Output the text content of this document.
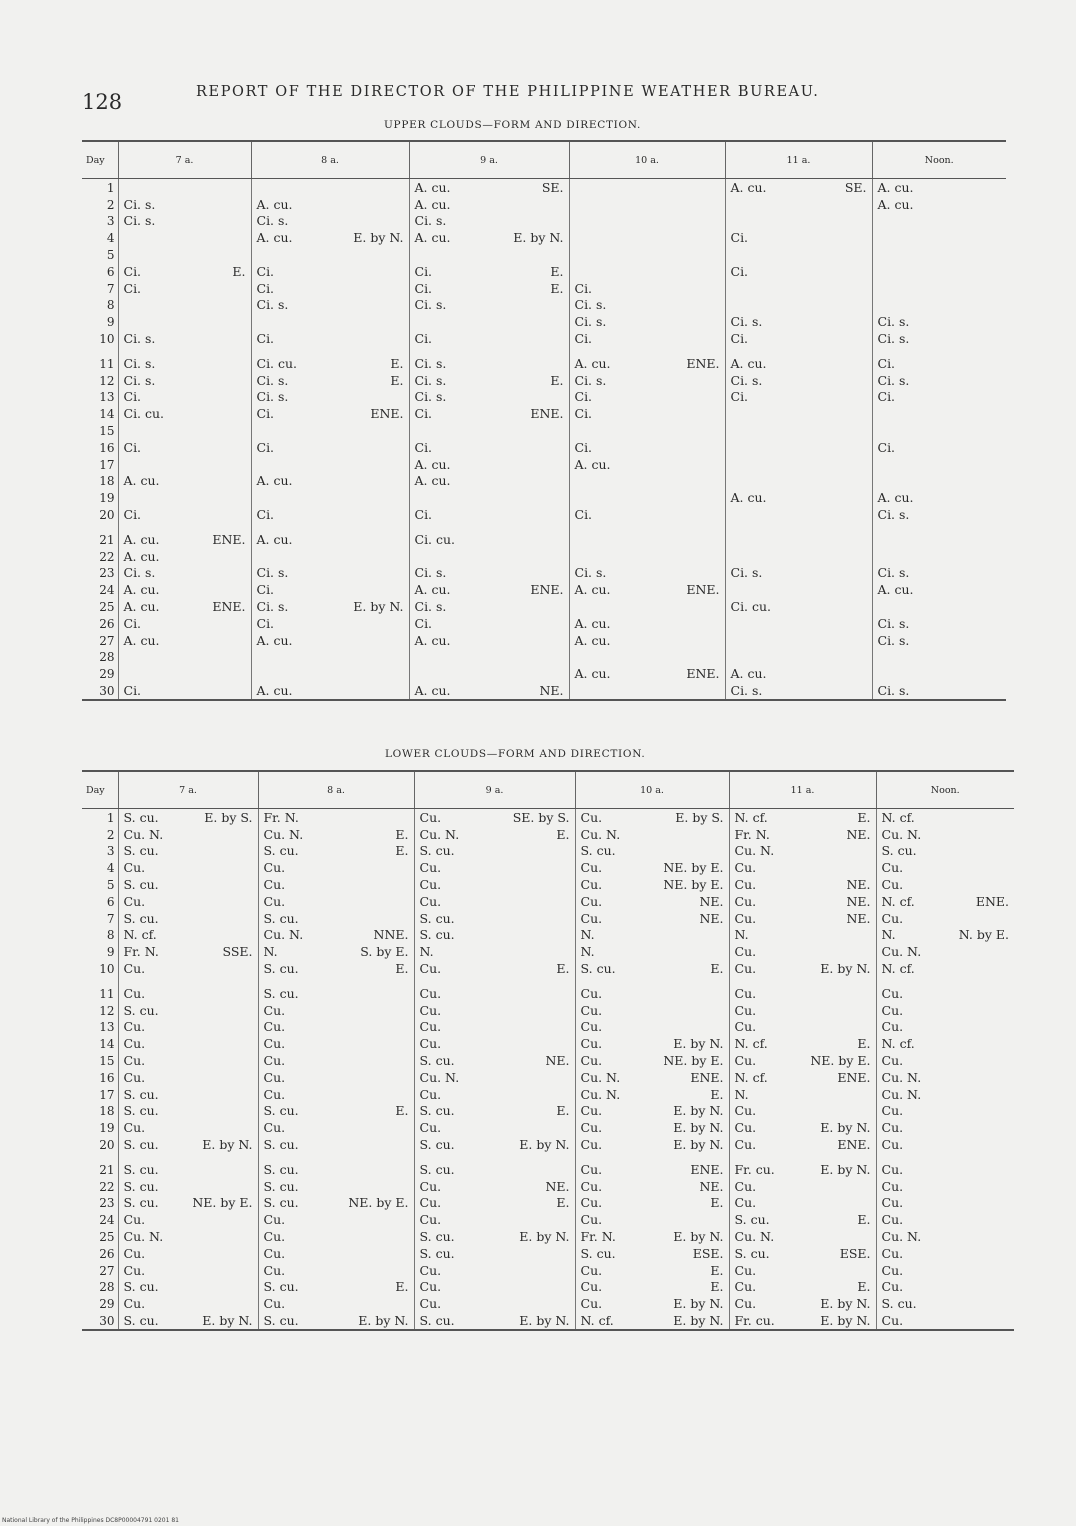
128	REPORT OF THE DIRECTOR OF THE PHILIPPINE WEATHER BUREAU.
UPPER CLOUDS—FORM AND DIRECTION.
Day	7 a.	8 a.	9 a.	10 a.	11 a.	Noon.
1			A. cu. SE.		A. cu. SE.	A. cu.

2	Ci. s.	A. cu.	A. cu.			A. cu.

3	Ci. s.	Ci. s.	Ci. s.			

4		A. cu. E. by N.	A. cu. E. by N.		Ci.	

5	

6	Ci. E.	Ci.	Ci. E.		Ci.	

7	Ci.	Ci.	Ci. E.	Ci.		

8		Ci. s.	Ci. s.	Ci. s.		

9				Ci. s.	Ci. s.	Ci. s.

10	Ci. s.	Ci.	Ci.	Ci.	Ci.	Ci. s.

11	Ci. s.	Ci. cu. E.	Ci. s.	A. cu. ENE.	A. cu.	Ci.

12	Ci. s.	Ci. s. E.	Ci. s. E.	Ci. s.	Ci. s.	Ci. s.

13	Ci.	Ci. s.	Ci. s.	Ci.	Ci.	Ci.

14	Ci. cu.	Ci. ENE.	Ci. ENE.	Ci.		

15	

16	Ci.	Ci.	Ci.	Ci.		Ci.

17			A. cu.	A. cu.		

18	A. cu.	A. cu.	A. cu.			

19					A. cu.	A. cu.

20	Ci.	Ci.	Ci.	Ci.		Ci. s.

21	A. cu. ENE.	A. cu.	Ci. cu.			

22	A. cu.					

23	Ci. s.	Ci. s.	Ci. s.	Ci. s.	Ci. s.	Ci. s.

24	A. cu.	Ci.	A. cu. ENE.	A. cu. ENE.		A. cu.

25	A. cu. ENE.	Ci. s. E. by N.	Ci. s.		Ci. cu.	

26	Ci.	Ci.	Ci.	A. cu.		Ci. s.

27	A. cu.	A. cu.	A. cu.	A. cu.		Ci. s.

28	

29				A. cu. ENE.	A. cu.	

30	Ci.	A. cu.	A. cu. NE.		Ci. s.	Ci. s.
LOWER CLOUDS—FORM AND DIRECTION.
Day	7 a.	8 a.	9 a.	10 a.	11 a.	Noon.
1	S. cu. E. by S.	Fr. N.	Cu. SE. by S.	Cu. E. by S.	N. cf. E.	N. cf.

2	Cu. N.	Cu. N. E.	Cu. N. E.	Cu. N.	Fr. N. NE.	Cu. N.

3	S. cu.	S. cu. E.	S. cu.	S. cu.	Cu. N.	S. cu.

4	Cu.	Cu.	Cu.	Cu. NE. by E.	Cu.	Cu.

5	S. cu.	Cu.	Cu.	Cu. NE. by E.	Cu. NE.	Cu.

6	Cu.	Cu.	Cu.	Cu. NE.	Cu. NE.	N. cf. ENE.

7	S. cu.	S. cu.	S. cu.	Cu. NE.	Cu. NE.	Cu.

8	N. cf.	Cu. N. NNE.	S. cu.	N.	N.	N. N. by E.

9	Fr. N. SSE.	N. S. by E.	N.	N.	Cu.	Cu. N.

10	Cu.	S. cu. E.	Cu. E.	S. cu. E.	Cu. E. by N.	N. cf.

11	Cu.	S. cu.	Cu.	Cu.	Cu.	Cu.

12	S. cu.	Cu.	Cu.	Cu.	Cu.	Cu.

13	Cu.	Cu.	Cu.	Cu.	Cu.	Cu.

14	Cu.	Cu.	Cu.	Cu. E. by N.	N. cf. E.	N. cf.

15	Cu.	Cu.	S. cu. NE.	Cu. NE. by E.	Cu. NE. by E.	Cu.

16	Cu.	Cu.	Cu. N.	Cu. N. ENE.	N. cf. ENE.	Cu. N.

17	S. cu.	Cu.	Cu.	Cu. N. E.	N.	Cu. N.

18	S. cu.	S. cu. E.	S. cu. E.	Cu. E. by N.	Cu.	Cu.

19	Cu.	Cu.	Cu.	Cu. E. by N.	Cu. E. by N.	Cu.

20	S. cu. E. by N.	S. cu.	S. cu. E. by N.	Cu. E. by N.	Cu. ENE.	Cu.

21	S. cu.	S. cu.	S. cu.	Cu. ENE.	Fr. cu. E. by N.	Cu.

22	S. cu.	S. cu.	Cu. NE.	Cu. NE.	Cu.	Cu.

23	S. cu. NE. by E.	S. cu. NE. by E.	Cu. E.	Cu. E.	Cu.	Cu.

24	Cu.	Cu.	Cu.	Cu.	S. cu. E.	Cu.

25	Cu. N.	Cu.	S. cu. E. by N.	Fr. N. E. by N.	Cu. N.	Cu. N.

26	Cu.	Cu.	S. cu.	S. cu. ESE.	S. cu. ESE.	Cu.

27	Cu.	Cu.	Cu.	Cu. E.	Cu.	Cu.

28	S. cu.	S. cu. E.	Cu.	Cu. E.	Cu. E.	Cu.

29	Cu.	Cu.	Cu.	Cu. E. by N.	Cu. E. by N.	S. cu.

30	S. cu. E. by N.	S. cu. E. by N.	S. cu. E. by N.	N. cf. E. by N.	Fr. cu. E. by N.	Cu.
National Library of the Philippines DC8P00004791 0201 81
